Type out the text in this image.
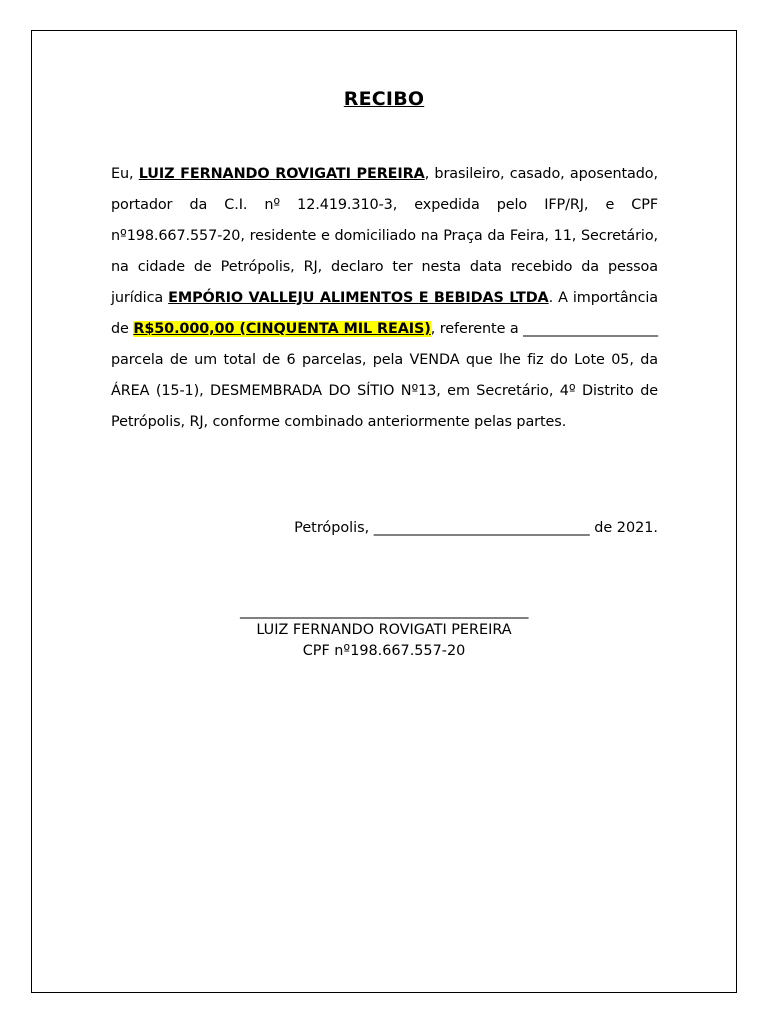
RECIBO
Eu, LUIZ FERNANDO ROVIGATI PEREIRA, brasileiro, casado, aposentado, portador da C.I. nº 12.419.310-3, expedida pelo IFP/RJ, e CPF nº198.667.557-20, residente e domiciliado na Praça da Feira, 11, Secretário, na cidade de Petrópolis, RJ, declaro ter nesta data recebido da pessoa jurídica EMPÓRIO VALLEJU ALIMENTOS E BEBIDAS LTDA. A importância de R$50.000,00 (CINQUENTA MIL REAIS), referente a ___________________ parcela de um total de 6 parcelas, pela VENDA que lhe fiz do Lote 05, da ÁREA (15-1), DESMEMBRADA DO SÍTIO Nº13, em Secretário, 4º Distrito de Petrópolis, RJ, conforme combinado anteriormente pelas partes.
Petrópolis, ______________________________ de 2021.
___________________________________________
LUIZ FERNANDO ROVIGATI PEREIRA
CPF nº198.667.557-20
